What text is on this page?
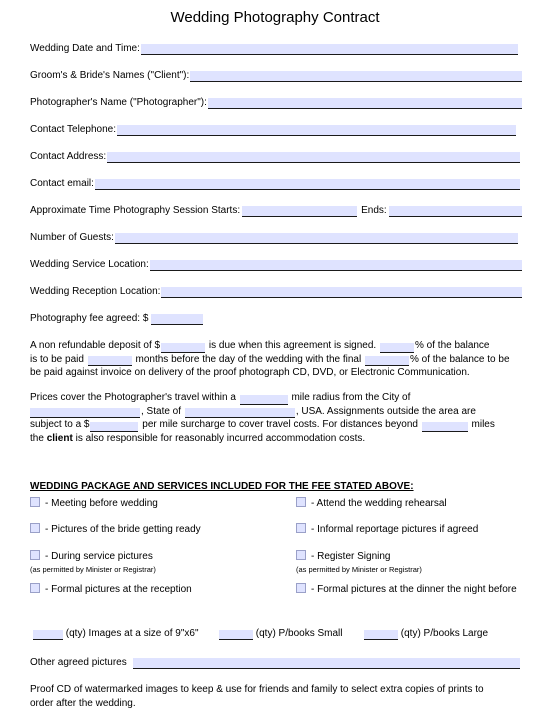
Wedding Photography Contract
Wedding Date and Time:
Groom's & Bride's Names ("Client"):
Photographer's Name ("Photographer"):
Contact Telephone:
Contact Address:
Contact email:
Approximate Time Photography Session Starts:	Ends:
Number of Guests:
Wedding Service Location:
Wedding Reception Location:
Photography fee agreed: $
A non refundable deposit of $	is due when this agreement is signed.	% of the balance
is to be paid	months before the day of the wedding with the final	% of the balance to be
be paid against invoice on delivery of the proof photograph CD, DVD, or Electronic Communication.
Prices cover the Photographer's travel within a	mile radius from the City of
, State of	, USA. Assignments outside the area are
subject to a $	per mile surcharge to cover travel costs. For distances beyond	miles
the client is also responsible for reasonably incurred accommodation costs.
WEDDING PACKAGE AND SERVICES INCLUDED FOR THE FEE STATED ABOVE:
- Meeting before wedding	- Attend the wedding rehearsal
- Pictures of the bride getting ready	- Informal reportage pictures if agreed
- During service pictures
(as permitted by Minister or Registrar)
- Register Signing
(as permitted by Minister or Registrar)
- Formal pictures at the reception	- Formal pictures at the dinner the night before
(qty) Images at a size of 9"x6"	(qty) P/books Small	(qty) P/books Large
Other agreed pictures
Proof CD of watermarked images to keep & use for friends and family to select extra copies of prints to
order after the wedding.
